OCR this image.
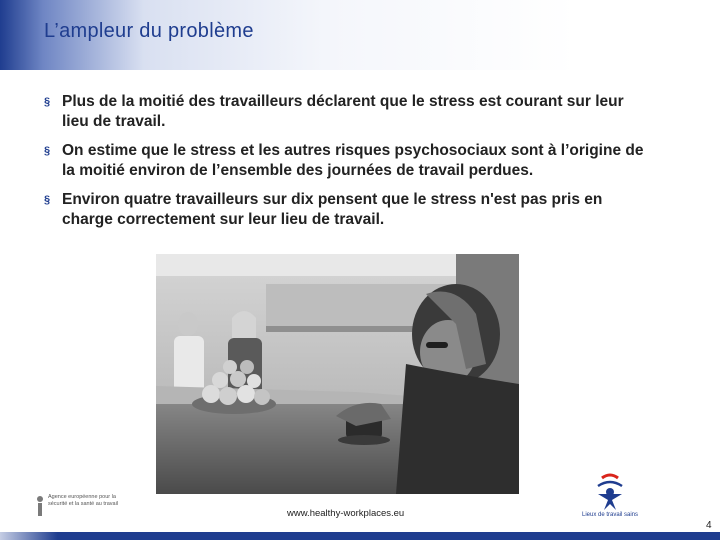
L’ampleur du problème
§ Plus de la moitié des travailleurs déclarent que le stress est courant sur leur lieu de travail.
§ On estime que le stress et les autres risques psychosociaux sont à l’origine de la moitié environ de l’ensemble des journées de travail perdues.
§ Environ quatre travailleurs sur dix pensent que le stress n'est pas pris en charge correctement sur leur lieu de travail.
Agence européenne pour la sécurité et la santé au travail
www.healthy-workplaces.eu	Lieux de travail sains
4
